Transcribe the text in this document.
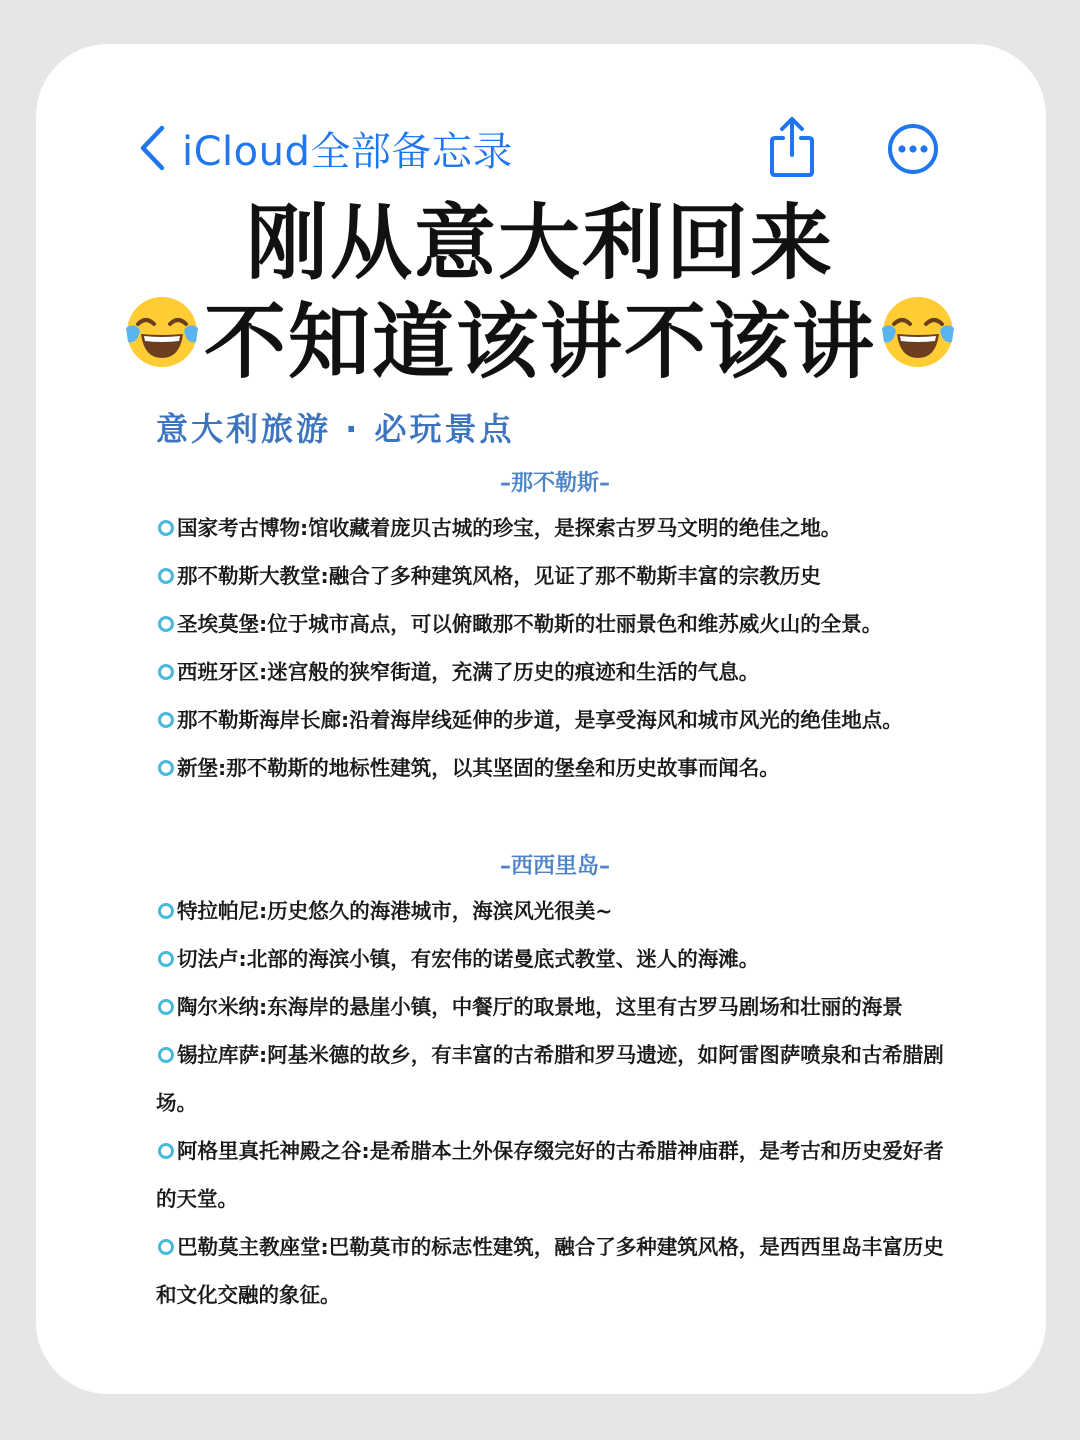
iCloud全部备忘录
刚从意大利回来
不知道该讲不该讲
意大利旅游 · 必玩景点
–那不勒斯–
国家考古博物:馆收藏着庞贝古城的珍宝，是探索古罗马文明的绝佳之地。
那不勒斯大教堂:融合了多种建筑风格，见证了那不勒斯丰富的宗教历史
圣埃莫堡:位于城市高点，可以俯瞰那不勒斯的壮丽景色和维苏威火山的全景。
西班牙区:迷宫般的狭窄街道，充满了历史的痕迹和生活的气息。
那不勒斯海岸长廊:沿着海岸线延伸的步道，是享受海风和城市风光的绝佳地点。
新堡:那不勒斯的地标性建筑，以其坚固的堡垒和历史故事而闻名。
–西西里岛–
特拉帕尼:历史悠久的海港城市，海滨风光很美~
切法卢:北部的海滨小镇，有宏伟的诺曼底式教堂、迷人的海滩。
陶尔米纳:东海岸的悬崖小镇，中餐厅的取景地，这里有古罗马剧场和壮丽的海景
锡拉库萨:阿基米德的故乡，有丰富的古希腊和罗马遗迹，如阿雷图萨喷泉和古希腊剧场。
阿格里真托神殿之谷:是希腊本土外保存缀完好的古希腊神庙群，是考古和历史爱好者的天堂。
巴勒莫主教座堂:巴勒莫市的标志性建筑，融合了多种建筑风格，是西西里岛丰富历史和文化交融的象征。
